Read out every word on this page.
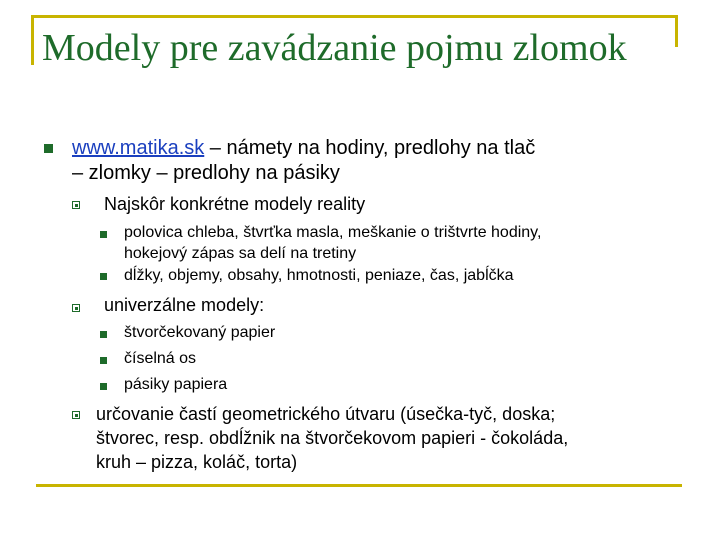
Modely pre zavádzanie pojmu zlomok

www.matika.sk – námety na hodiny, predlohy na tlač

– zlomky – predlohy na pásiky

Najskôr konkrétne modely reality

polovica chleba, štvrťka masla, meškanie o trištvrte hodiny,

hokejový zápas sa delí na tretiny

dĺžky, objemy, obsahy, hmotnosti, peniaze, čas, jabĺčka

univerzálne modely:

štvorčekovaný papier

číselná os

pásiky papiera

určovanie častí geometrického útvaru (úsečka-tyč, doska;

štvorec, resp. obdĺžnik na štvorčekovom papieri - čokoláda,

kruh – pizza, koláč, torta)
